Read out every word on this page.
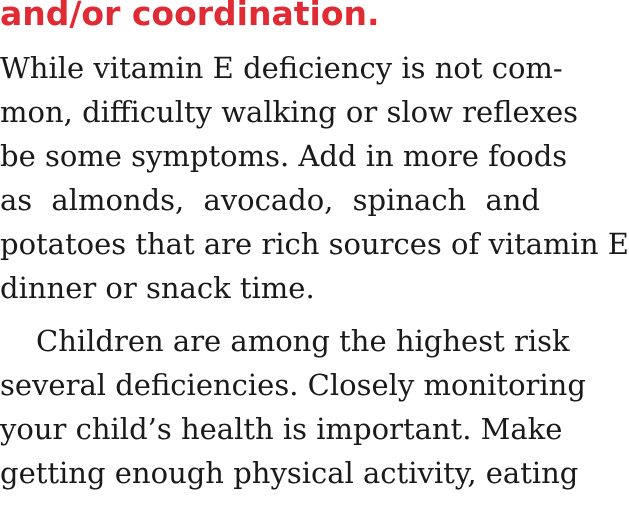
and/or coordination.
While vitamin E deficiency is not com-
mon, difficulty walking or slow reflexes
be some symptoms. Add in more foods
as almonds, avocado, spinach and
potatoes that are rich sources of vitamin E
dinner or snack time.
Children are among the highest risk
several deficiencies. Closely monitoring
your child’s health is important. Make
getting enough physical activity, eating
